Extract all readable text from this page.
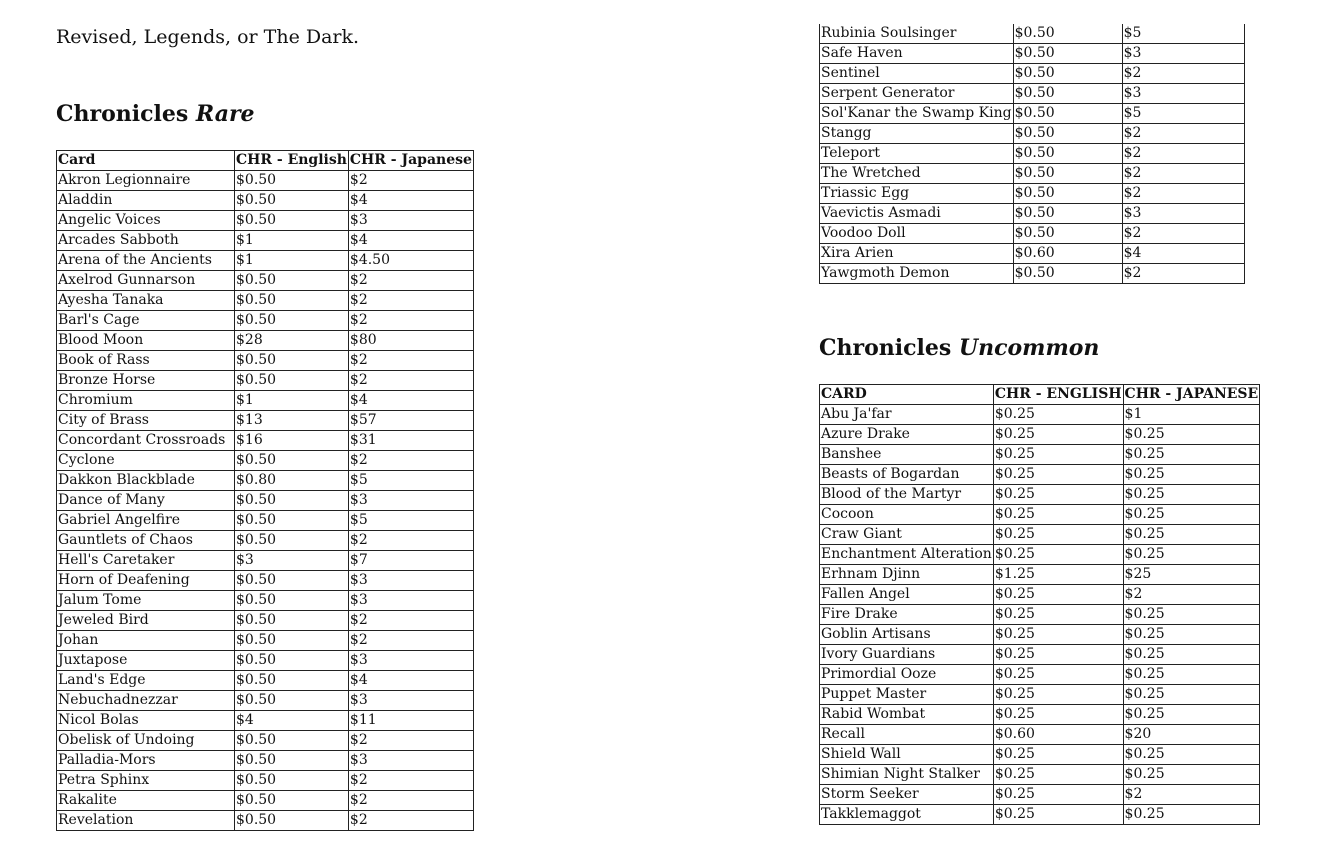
Revised, Legends, or The Dark.

Chronicles Rare
Card	CHR - English	CHR - Japanese
Akron Legionnaire	$0.50	$2
Aladdin	$0.50	$4
Angelic Voices	$0.50	$3
Arcades Sabboth	$1	$4
Arena of the Ancients	$1	$4.50
Axelrod Gunnarson	$0.50	$2
Ayesha Tanaka	$0.50	$2
Barl's Cage	$0.50	$2
Blood Moon	$28	$80
Book of Rass	$0.50	$2
Bronze Horse	$0.50	$2
Chromium	$1	$4
City of Brass	$13	$57
Concordant Crossroads	$16	$31
Cyclone	$0.50	$2
Dakkon Blackblade	$0.80	$5
Dance of Many	$0.50	$3
Gabriel Angelfire	$0.50	$5
Gauntlets of Chaos	$0.50	$2
Hell's Caretaker	$3	$7
Horn of Deafening	$0.50	$3
Jalum Tome	$0.50	$3
Jeweled Bird	$0.50	$2
Johan	$0.50	$2
Juxtapose	$0.50	$3
Land's Edge	$0.50	$4
Nebuchadnezzar	$0.50	$3
Nicol Bolas	$4	$11
Obelisk of Undoing	$0.50	$2
Palladia-Mors	$0.50	$3
Petra Sphinx	$0.50	$2
Rakalite	$0.50	$2
Revelation	$0.50	$2
Rubinia Soulsinger	$0.50	$5
Safe Haven	$0.50	$3
Sentinel	$0.50	$2
Serpent Generator	$0.50	$3
Sol'Kanar the Swamp King	$0.50	$5
Stangg	$0.50	$2
Teleport	$0.50	$2
The Wretched	$0.50	$2
Triassic Egg	$0.50	$2
Vaevictis Asmadi	$0.50	$3
Voodoo Doll	$0.50	$2
Xira Arien	$0.60	$4
Yawgmoth Demon	$0.50	$2
Chronicles Uncommon
CARD	CHR - ENGLISH	CHR - JAPANESE
Abu Ja'far	$0.25	$1
Azure Drake	$0.25	$0.25
Banshee	$0.25	$0.25
Beasts of Bogardan	$0.25	$0.25
Blood of the Martyr	$0.25	$0.25
Cocoon	$0.25	$0.25
Craw Giant	$0.25	$0.25
Enchantment Alteration	$0.25	$0.25
Erhnam Djinn	$1.25	$25
Fallen Angel	$0.25	$2
Fire Drake	$0.25	$0.25
Goblin Artisans	$0.25	$0.25
Ivory Guardians	$0.25	$0.25
Primordial Ooze	$0.25	$0.25
Puppet Master	$0.25	$0.25
Rabid Wombat	$0.25	$0.25
Recall	$0.60	$20
Shield Wall	$0.25	$0.25
Shimian Night Stalker	$0.25	$0.25
Storm Seeker	$0.25	$2
Takklemaggot	$0.25	$0.25
